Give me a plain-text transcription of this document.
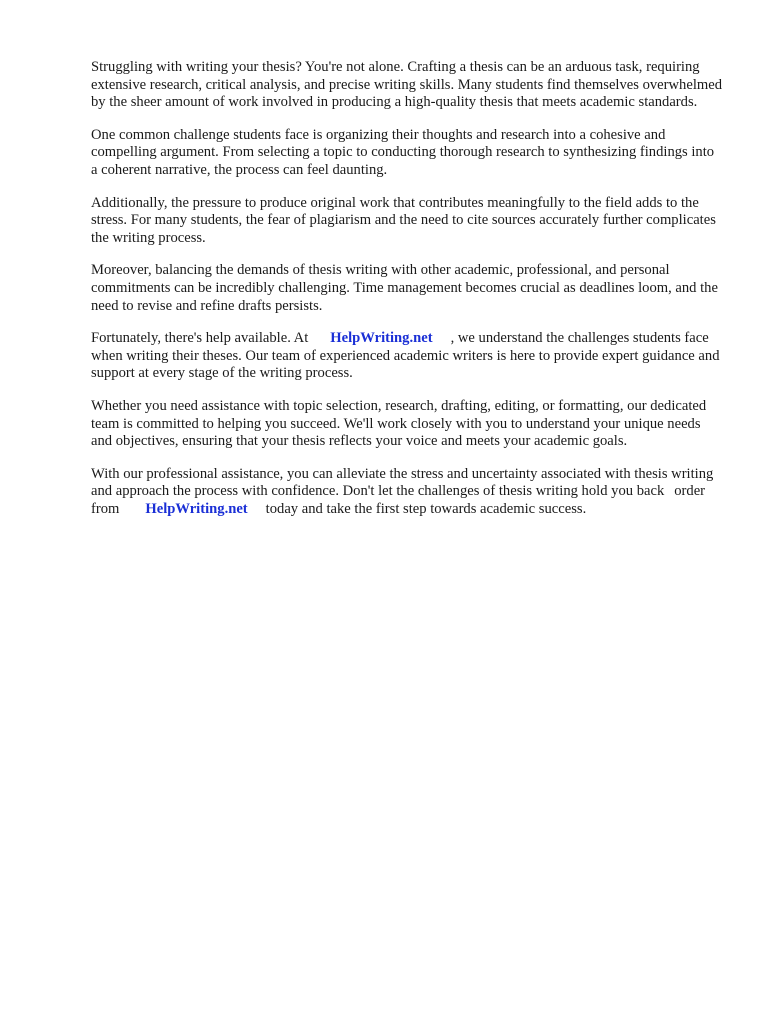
Struggling with writing your thesis? You're not alone. Crafting a thesis can be an arduous task, requiring extensive research, critical analysis, and precise writing skills. Many students find themselves overwhelmed by the sheer amount of work involved in producing a high-quality thesis that meets academic standards.

One common challenge students face is organizing their thoughts and research into a cohesive and compelling argument. From selecting a topic to conducting thorough research to synthesizing findings into a coherent narrative, the process can feel daunting.

Additionally, the pressure to produce original work that contributes meaningfully to the field adds to the stress. For many students, the fear of plagiarism and the need to cite sources accurately further complicates the writing process.

Moreover, balancing the demands of thesis writing with other academic, professional, and personal commitments can be incredibly challenging. Time management becomes crucial as deadlines loom, and the need to revise and refine drafts persists.

Fortunately, there's help available. At HelpWriting.net , we understand the challenges students face when writing their theses. Our team of experienced academic writers is here to provide expert guidance and support at every stage of the writing process.

Whether you need assistance with topic selection, research, drafting, editing, or formatting, our dedicated team is committed to helping you succeed. We'll work closely with you to understand your unique needs and objectives, ensuring that your thesis reflects your voice and meets your academic goals.

With our professional assistance, you can alleviate the stress and uncertainty associated with thesis writing and approach the process with confidence. Don't let the challenges of thesis writing hold you back order from HelpWriting.net today and take the first step towards academic success.
